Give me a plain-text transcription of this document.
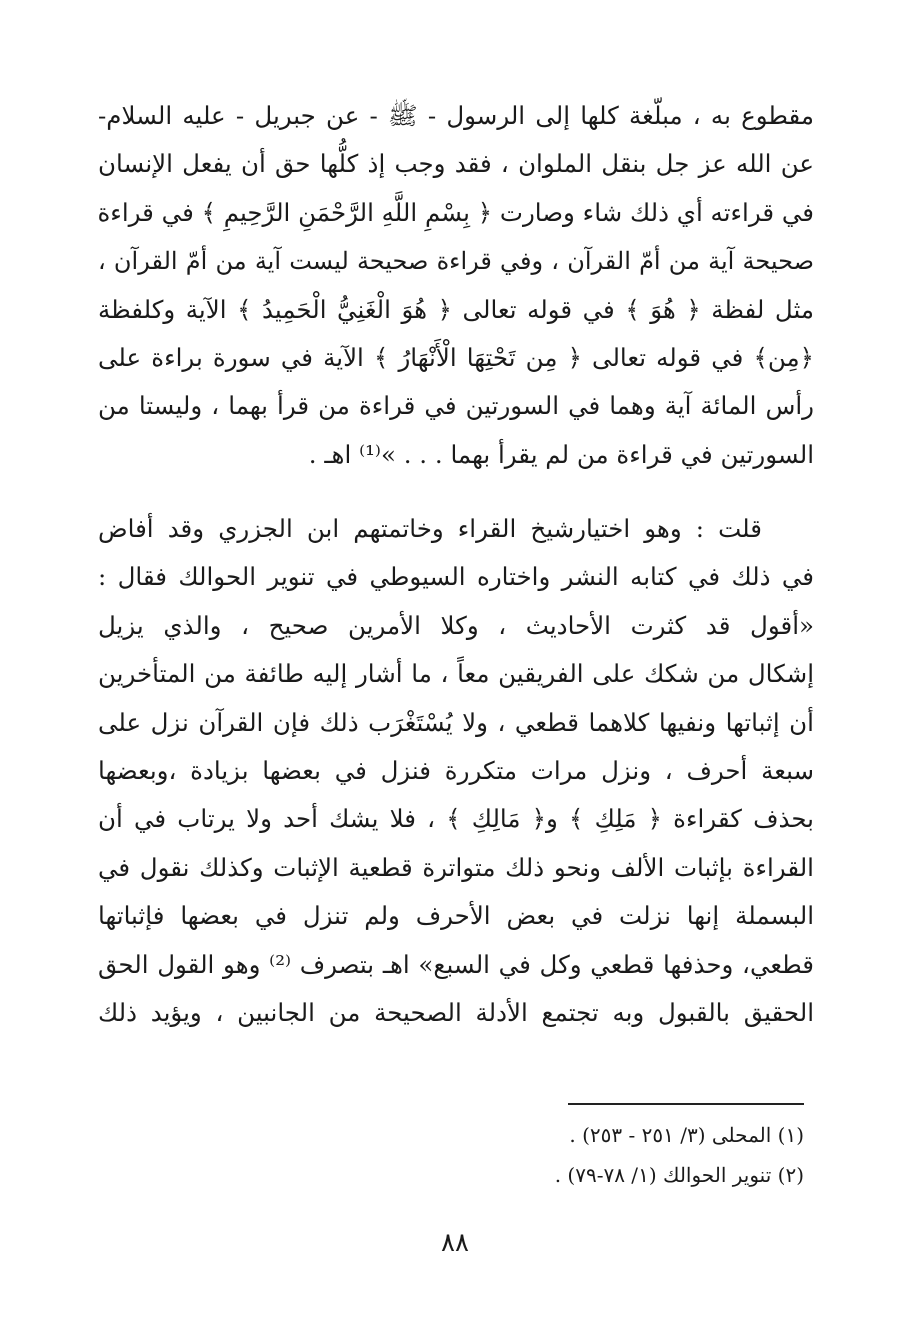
مقطوع به ، مبلّغة كلها إلى الرسول - ﷺ - عن جبريل - عليه السلام-
عن الله عز جل بنقل الملوان ، فقد وجب إذ كلُّها حق أن يفعل الإنسان
في قراءته أي ذلك شاء وصارت ﴿ بِسْمِ اللَّهِ الرَّحْمَنِ الرَّحِيمِ ﴾ في قراءة
صحيحة آية من أمّ القرآن ، وفي قراءة صحيحة ليست آية من أمّ القرآن ،
مثل لفظة ﴿ هُوَ ﴾ في قوله تعالى ﴿ هُوَ الْغَنِيُّ الْحَمِيدُ ﴾ الآية وكلفظة
﴿مِن﴾ في قوله تعالى ﴿ مِن تَحْتِهَا الْأَنْهَارُ ﴾ الآية في سورة براءة على
رأس المائة آية وهما في السورتين في قراءة من قرأ بهما ، وليستا من
السورتين في قراءة من لم يقرأ بهما . . . »⁽¹⁾ اهـ .
قلت : وهو اختيارشيخ القراء وخاتمتهم ابن الجزري وقد أفاض
في ذلك في كتابه النشر واختاره السيوطي في تنوير الحوالك فقال :
«أقول قد كثرت الأحاديث ، وكلا الأمرين صحيح ، والذي يزيل
إشكال من شكك على الفريقين معاً ، ما أشار إليه طائفة من المتأخرين
أن إثباتها ونفيها كلاهما قطعي ، ولا يُسْتَغْرَب ذلك فإن القرآن نزل على
سبعة أحرف ، ونزل مرات متكررة فنزل في بعضها بزيادة ،وبعضها
بحذف كقراءة ﴿ مَلِكِ ﴾ و﴿ مَالِكِ ﴾ ، فلا يشك أحد ولا يرتاب في أن
القراءة بإثبات الألف ونحو ذلك متواترة قطعية الإثبات وكذلك نقول في
البسملة إنها نزلت في بعض الأحرف ولم تنزل في بعضها فإثباتها
قطعي، وحذفها قطعي وكل في السبع» اهـ بتصرف ⁽²⁾ وهو القول الحق
الحقيق بالقبول وبه تجتمع الأدلة الصحيحة من الجانبين ، ويؤيد ذلك
(١) المحلى (٣/ ٢٥١ - ٢٥٣) .
(٢) تنوير الحوالك (١/ ٧٨-٧٩) .
٨٨
